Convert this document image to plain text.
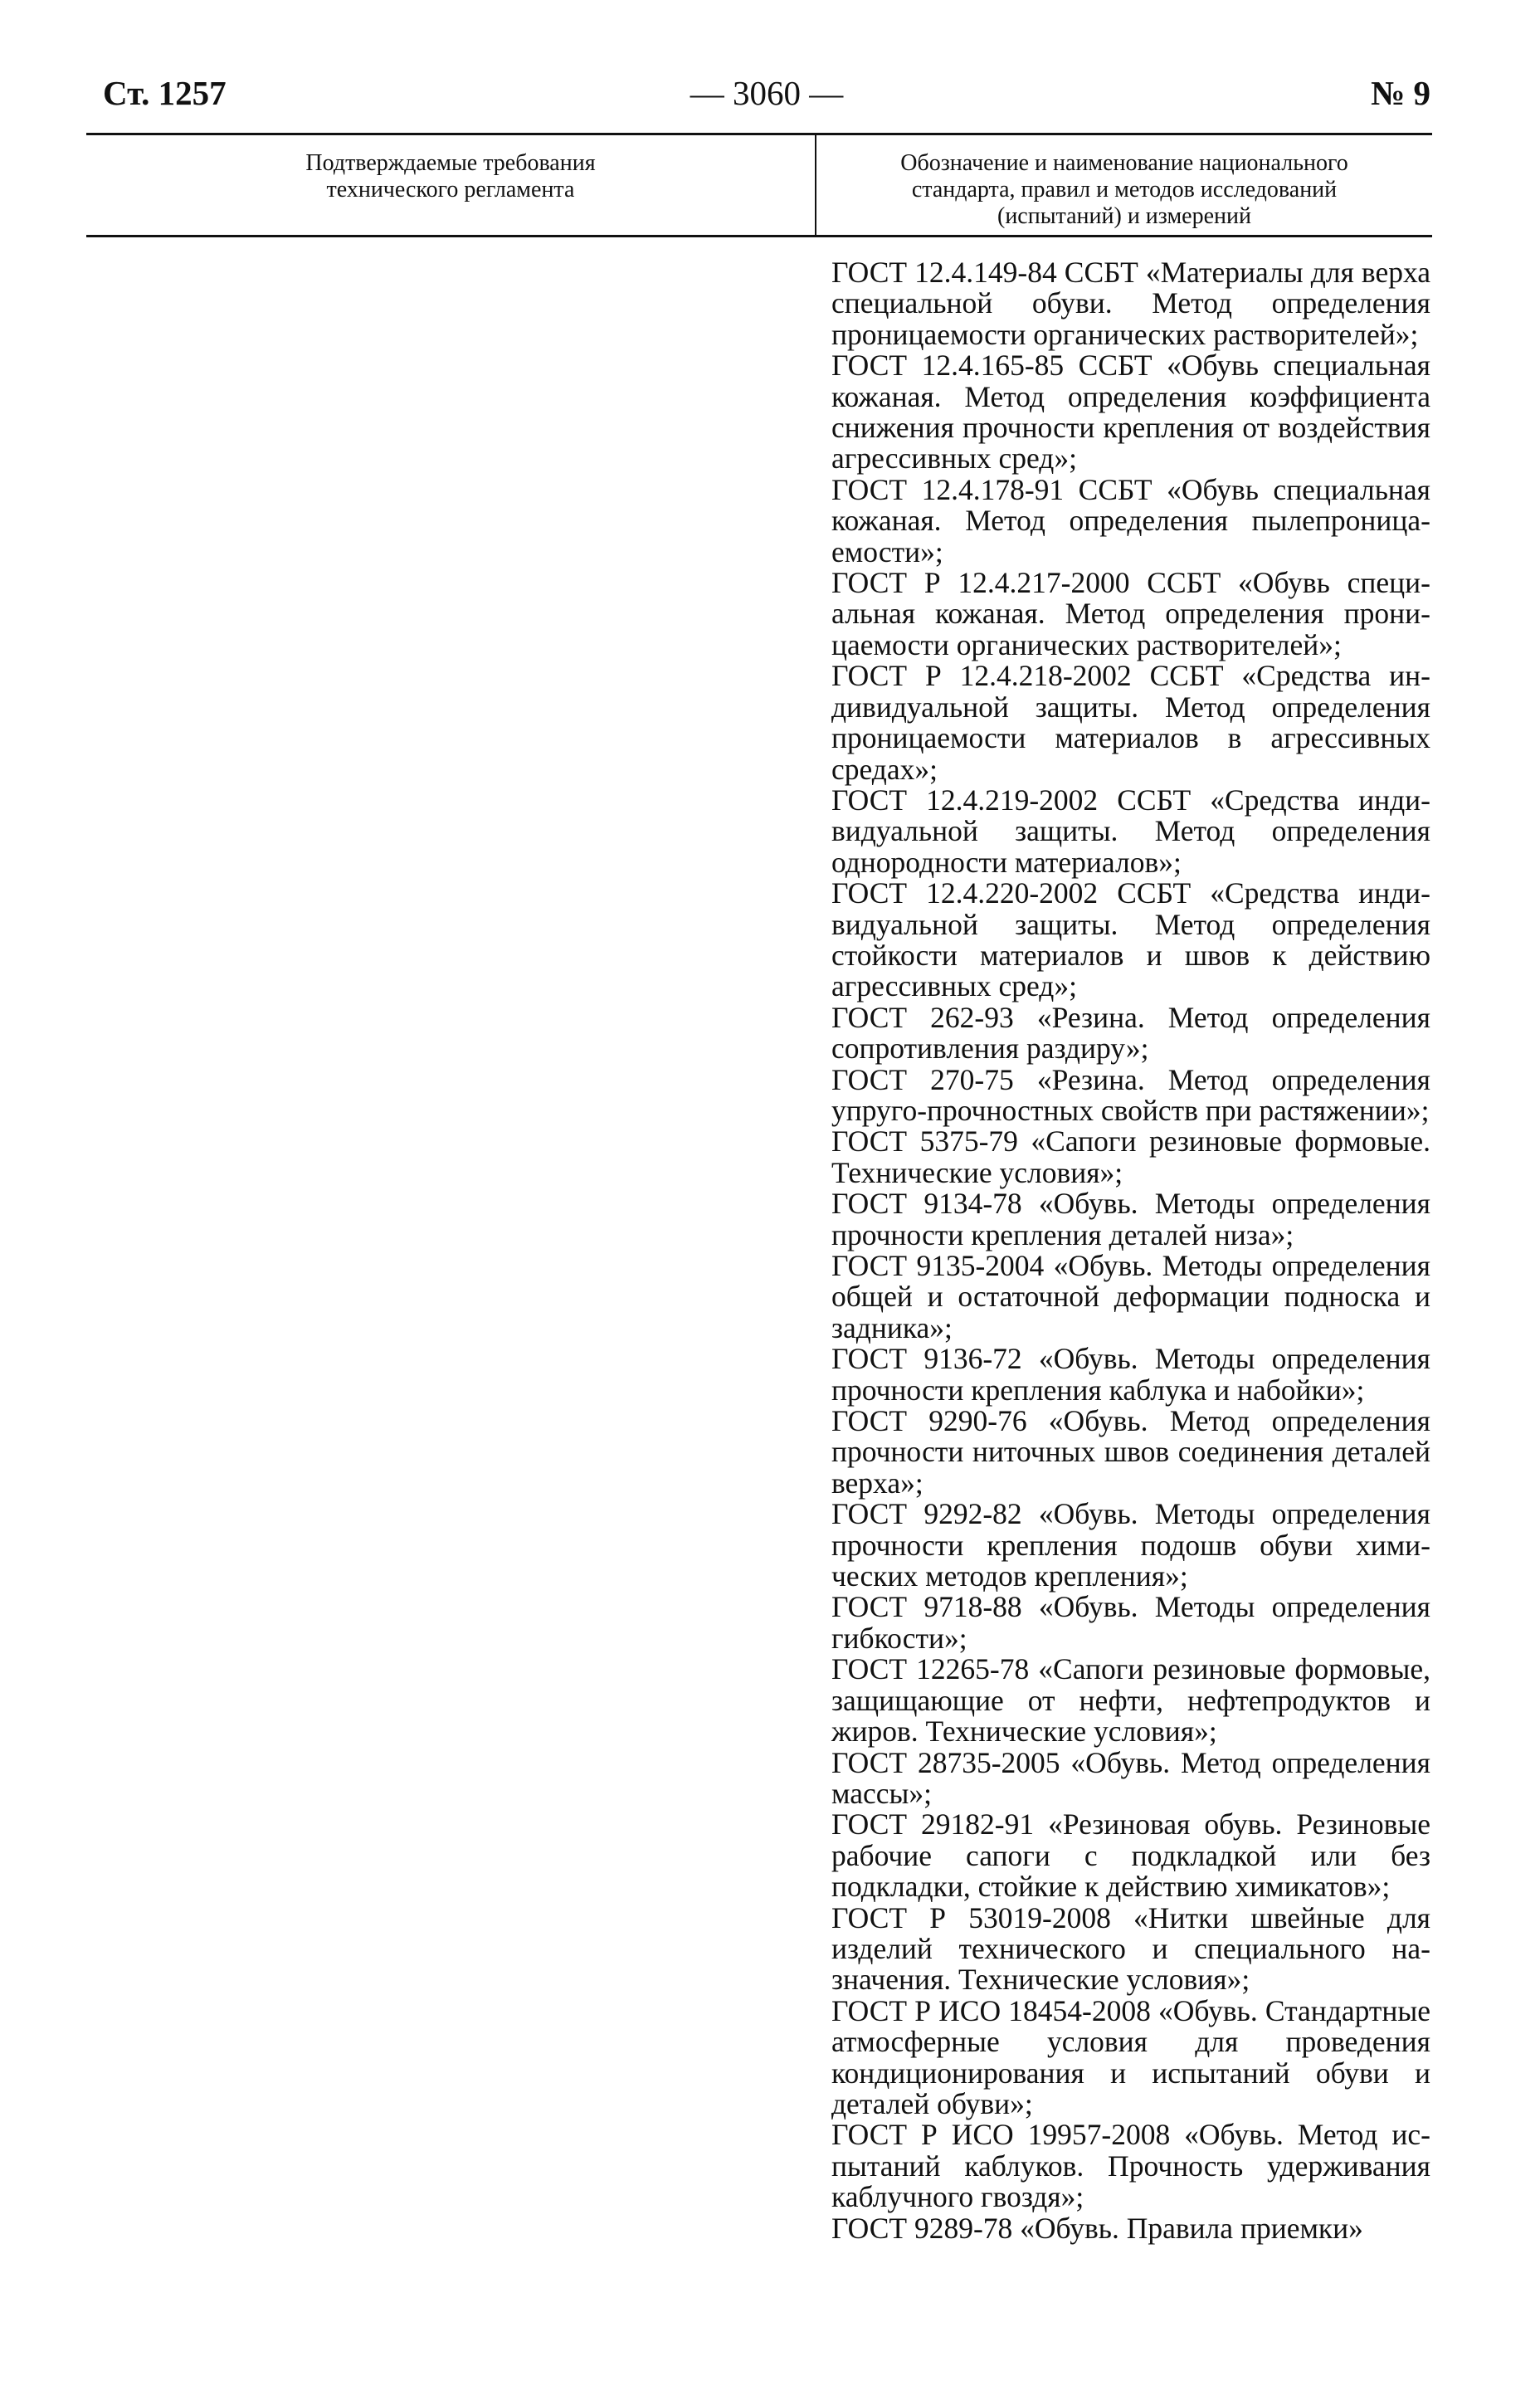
Ст. 1257	— 3060 —	№ 9
Подтверждаемые требования
технического регламента
Обозначение и наименование национального
стандарта, правил и методов исследований
(испытаний) и измерений

ГОСТ 12.4.149-84 ССБТ «Материалы для верха специальной обуви. Метод определения проницаемости органических растворителей»;

ГОСТ 12.4.165-85 ССБТ «Обувь специальная кожаная. Метод определения коэффициента снижения прочности крепления от воздействия агрессивных сред»;

ГОСТ 12.4.178-91 ССБТ «Обувь специальная кожаная. Метод определения пылепроницаемости»;

ГОСТ Р 12.4.217-2000 ССБТ «Обувь специальная кожаная. Метод определения проницаемости органических растворителей»;

ГОСТ Р 12.4.218-2002 ССБТ «Средства индивидуальной защиты. Метод определения проницаемости материалов в агрессивных средах»;

ГОСТ 12.4.219-2002 ССБТ «Средства индивидуальной защиты. Метод определения однородности материалов»;

ГОСТ 12.4.220-2002 ССБТ «Средства индивидуальной защиты. Метод определения стойкости материалов и швов к действию агрессивных сред»;

ГОСТ 262-93 «Резина. Метод определения сопротивления раздиру»;

ГОСТ 270-75 «Резина. Метод определения упруго-прочностных свойств при растяжении»;

ГОСТ 5375-79 «Сапоги резиновые формовые. Технические условия»;

ГОСТ 9134-78 «Обувь. Методы определения прочности крепления деталей низа»;

ГОСТ 9135-2004 «Обувь. Методы определения общей и остаточной деформации подноска и задника»;

ГОСТ 9136-72 «Обувь. Методы определения прочности крепления каблука и набойки»;

ГОСТ 9290-76 «Обувь. Метод определения прочности ниточных швов соединения деталей верха»;

ГОСТ 9292-82 «Обувь. Методы определения прочности крепления подошв обуви химических методов крепления»;

ГОСТ 9718-88 «Обувь. Методы определения гибкости»;

ГОСТ 12265-78 «Сапоги резиновые формовые, защищающие от нефти, нефтепродуктов и жиров. Технические условия»;

ГОСТ 28735-2005 «Обувь. Метод определения массы»;

ГОСТ 29182-91 «Резиновая обувь. Резиновые рабочие сапоги с подкладкой или без подкладки, стойкие к действию химикатов»;

ГОСТ Р 53019-2008 «Нитки швейные для изделий технического и специального назначения. Технические условия»;

ГОСТ Р ИСО 18454-2008 «Обувь. Стандартные атмосферные условия для проведения кондиционирования и испытаний обуви и деталей обуви»;

ГОСТ Р ИСО 19957-2008 «Обувь. Метод испытаний каблуков. Прочность удерживания каблучного гвоздя»;

ГОСТ 9289-78 «Обувь. Правила приемки»
